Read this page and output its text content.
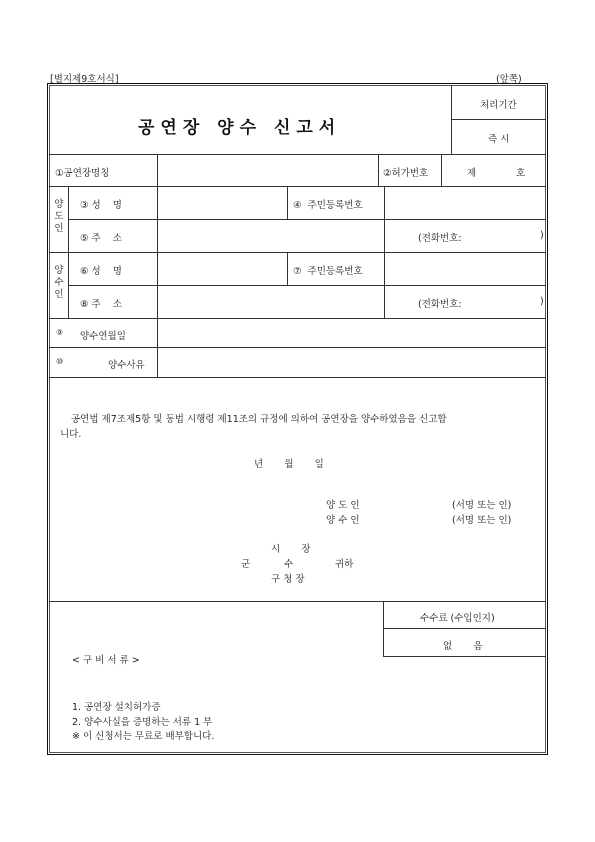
[별지제9호서식]	(앞쪽)
공연장 양수 신고서
처리기간
즉 시
①공연장명칭	②허가번호	제	호
양
도
인
③ 성    명	④  주민등록번호
⑤ 주    소	(전화번호:	)
양
수
인
⑥ 성    명	⑦  주민등록번호
⑧ 주    소	(전화번호:	)
⑨ 양수연월일
⑩	양수사유
공연법 제7조제5항 및 동법 시행령 제11조의 규정에 의하여 공연장을 양수하였음을 신고합
니다.
년       월       일
양 도 인	(서명 또는 인)
양 수 인	(서명 또는 인)
시       장
군	수	귀하
구 청 장
수수료 (수입인지)
없       음
< 구 비 서 류 >
1. 공연장 설치허가증
2. 양수사실을 증명하는 서류 1 부
※ 이 신청서는 무료로 배부합니다.
